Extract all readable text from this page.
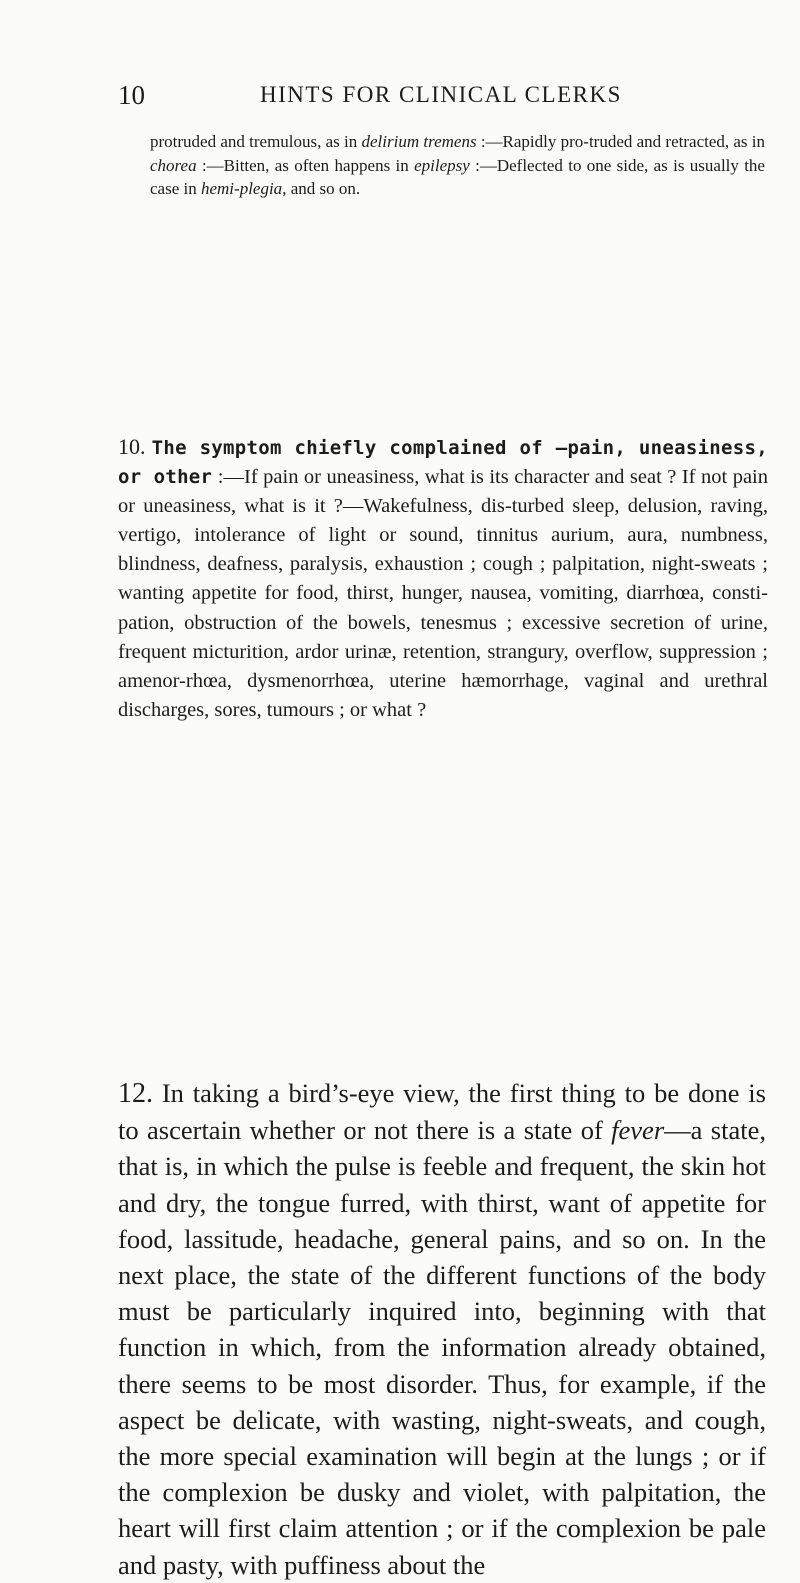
10	HINTS FOR CLINICAL CLERKS
protruded and tremulous, as in delirium tremens :—Rapidly pro-truded and retracted, as in chorea :—Bitten, as often happens in epilepsy :—Deflected to one side, as is usually the case in hemi-plegia, and so on.
10. The symptom chiefly complained of —pain, uneasiness, or other :—If pain or uneasiness, what is its character and seat ? If not pain or uneasiness, what is it ?—Wakefulness, dis-turbed sleep, delusion, raving, vertigo, intolerance of light or sound, tinnitus aurium, aura, numbness, blindness, deafness, paralysis, exhaustion ; cough ; palpitation, night-sweats ; wanting appetite for food, thirst, hunger, nausea, vomiting, diarrhœa, consti-pation, obstruction of the bowels, tenesmus ; excessive secretion of urine, frequent micturition, ardor urinæ, retention, strangury, overflow, suppression ; amenor-rhœa, dysmenorrhœa, uterine hæmorrhage, vaginal and urethral discharges, sores, tumours ; or what ?
12. In taking a bird’s-eye view, the first thing to be done is to ascertain whether or not there is a state of fever—a state, that is, in which the pulse is feeble and frequent, the skin hot and dry, the tongue furred, with thirst, want of appetite for food, lassitude, headache, general pains, and so on. In the next place, the state of the different functions of the body must be particularly inquired into, beginning with that function in which, from the information already obtained, there seems to be most disorder. Thus, for example, if the aspect be delicate, with wasting, night-sweats, and cough, the more special examination will begin at the lungs ; or if the complexion be dusky and violet, with palpitation, the heart will first claim attention ; or if the complexion be pale and pasty, with puffiness about the
